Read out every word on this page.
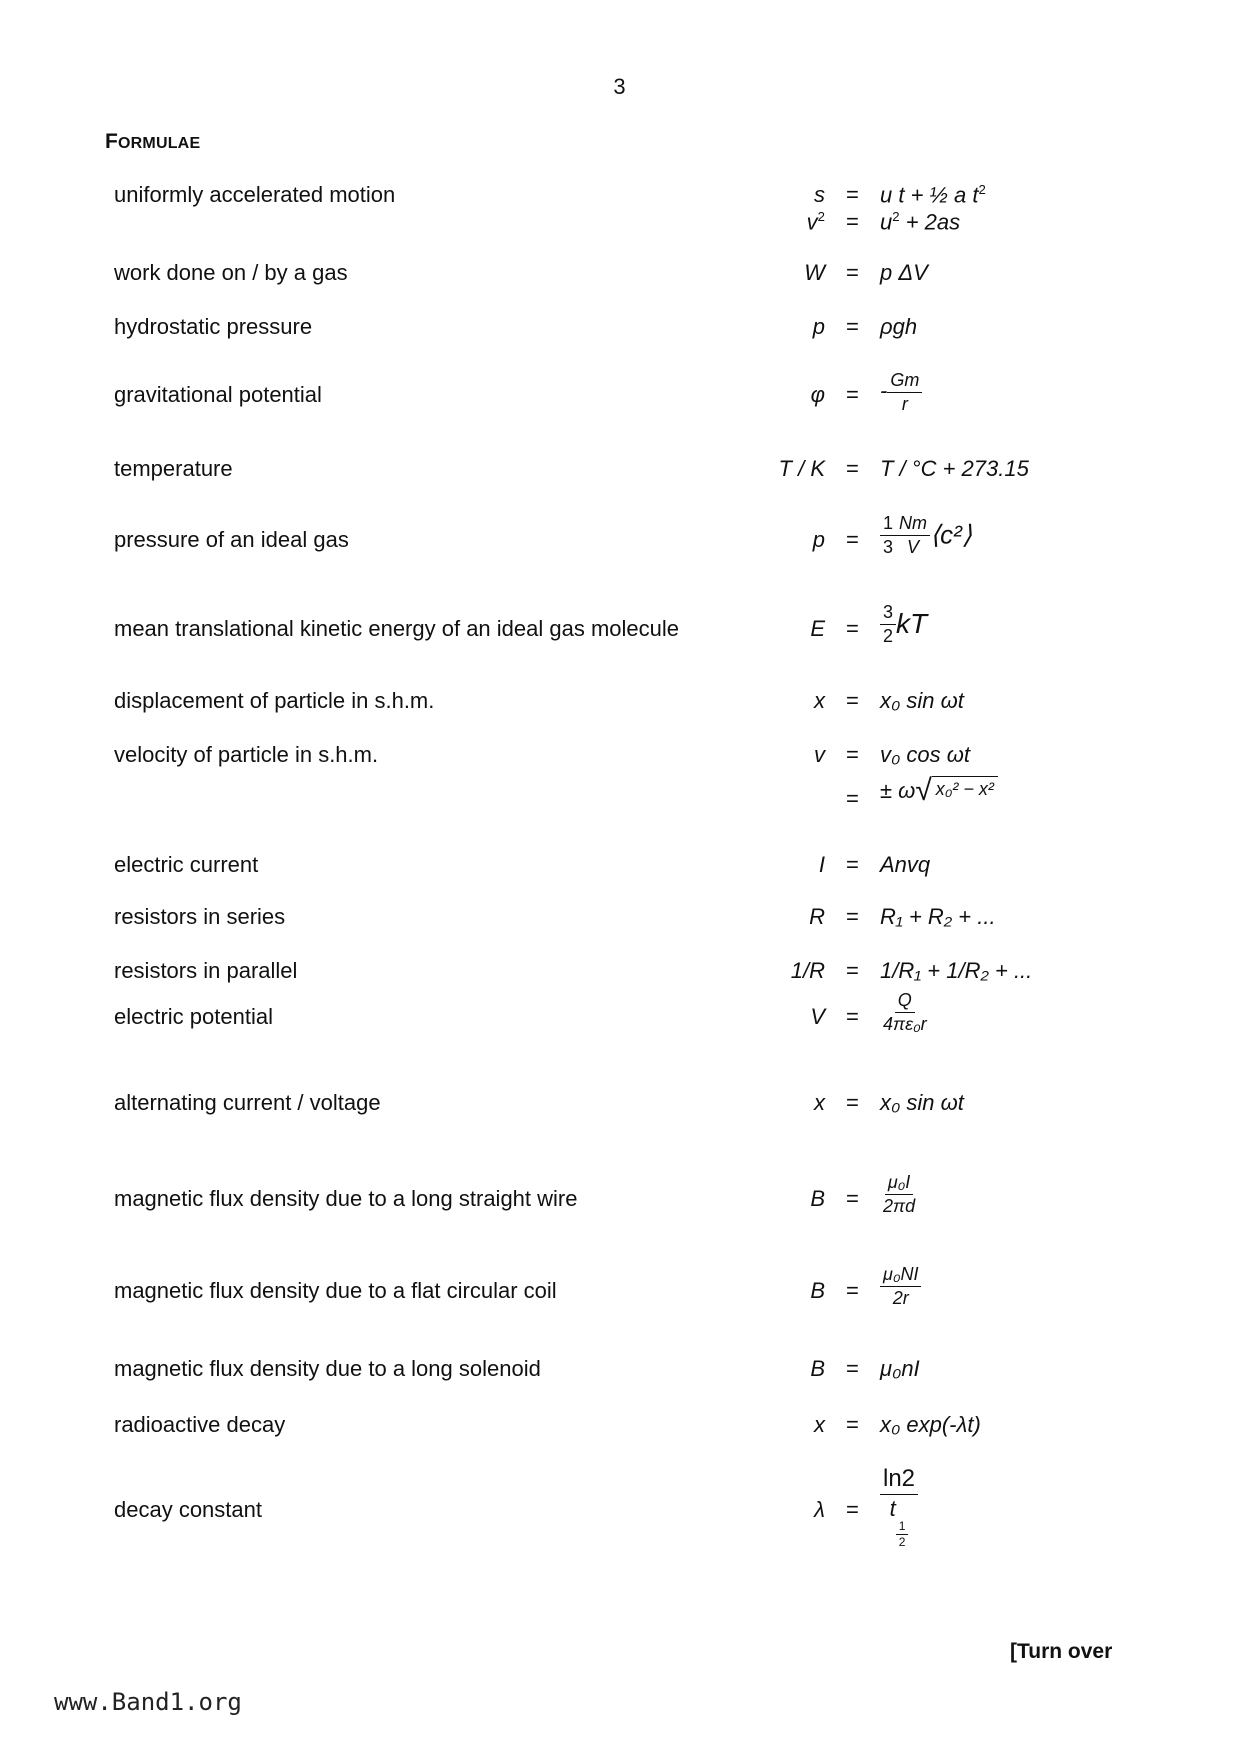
3
FORMULAE
uniformly accelerated motion	s = u t + ½ a $t^2$
$v^2 = u^2 + 2as$
work done on / by a gas	W = p ΔV
hydrostatic pressure	p = ρgh
gravitational potential	φ = - $\frac{Gm}{r}$
temperature	T / K = T / °C + 273.15
pressure of an ideal gas	$p = \frac{1}{3} \frac{Nm}{V}$ ⟨c²⟩
mean translational kinetic energy of an ideal gas molecule	$E = \frac{3}{2}$ kT
displacement of particle in s.h.m.	x = x₀ sin ωt
velocity of particle in s.h.m.	v = v₀ cos ωt
= ± ω √ x₀² − x²
electric current	I = Anvq
resistors in series	R = R₁ + R₂ + ...
resistors in parallel	1/R = 1/R₁ + 1/R₂ + ...
electric potential	$V = \frac{Q}{\text{4πε₀r}}$
alternating current / voltage	x = x₀ sin ωt
magnetic flux density due to a long straight wire	$B = \frac{\text{μ₀I}}{2\pi d}$
magnetic flux density due to a flat circular coil	$B = \frac{\text{μ₀NI}}{2r}$
magnetic flux density due to a long solenoid	B = μ₀nI
radioactive decay	x = x₀ exp(-λt)
decay constant	λ = ln2
t
$\frac{1}{2}$
[Turn over
www.Band1.org
